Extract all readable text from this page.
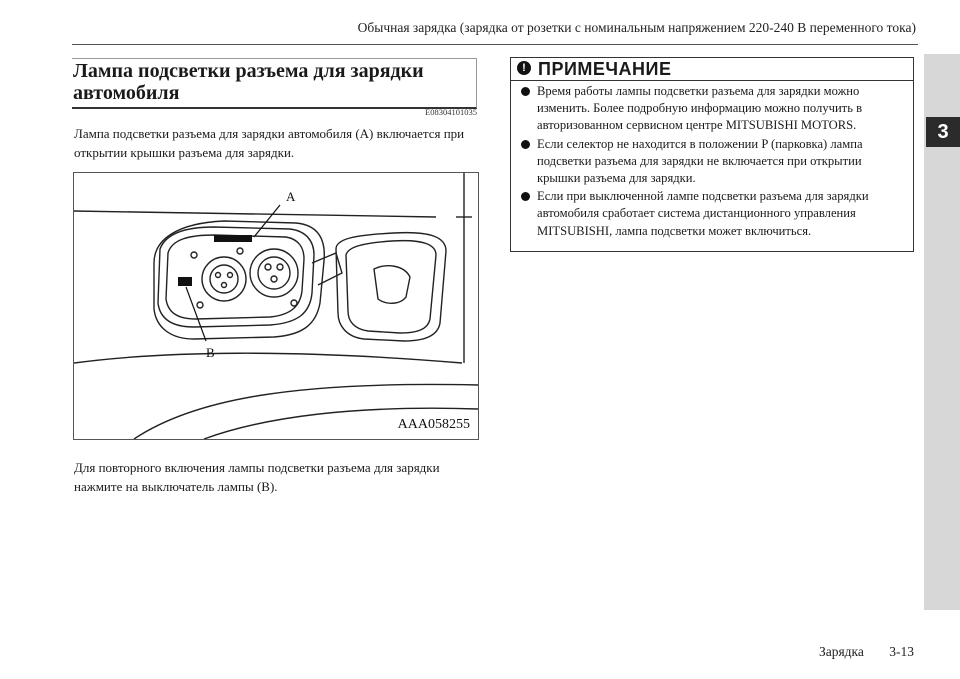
Обычная зарядка (зарядка от розетки с номинальным напряжением 220-240 В переменного тока)
3
Лампа подсветки разъема для зарядки автомобиля
E08304101035

Лампа подсветки разъема для зарядки автомобиля (A) включается при открытии крышки разъема для зарядки.

A
B
AAA058255

Для повторного включения лампы подсветки разъема для зарядки нажмите на выключатель лампы (B).

! ПРИМЕЧАНИЕ
Время работы лампы подсветки разъема для зарядки можно изменить. Более подробную информацию можно получить в авторизованном сервисном центре MITSUBISHI MOTORS.
Если селектор не находится в положении P (парковка) лампа подсветки разъема для зарядки не включается при открытии крышки разъема для зарядки.
Если при выключенной лампе подсветки разъема для зарядки автомобиля сработает система дистанционного управления MITSUBISHI, лампа подсветки может включиться.
Зарядка 3-13
